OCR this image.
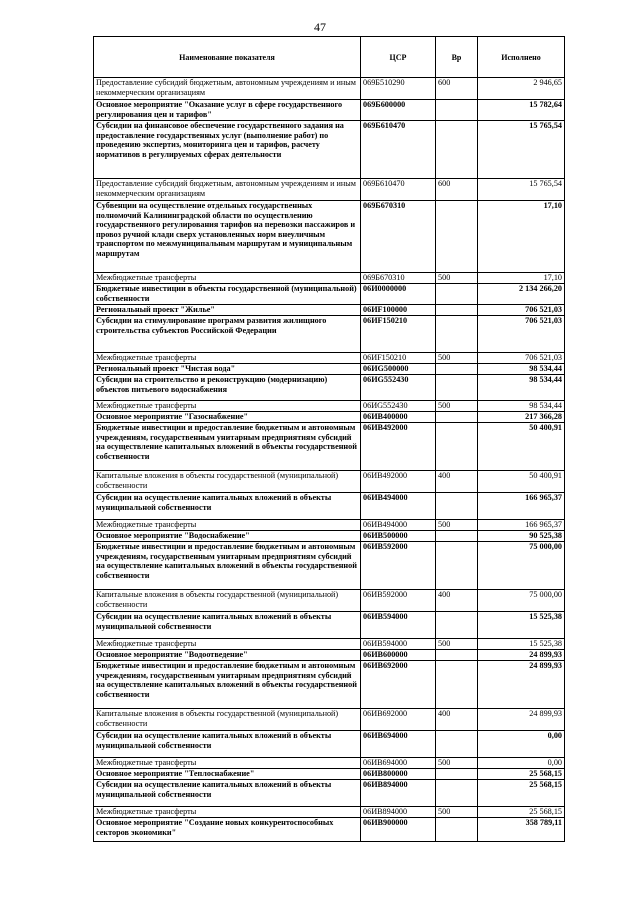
47
Наименование показателя	ЦСР	Вр	Исполнено
Предоставление субсидий бюджетным, автономным учреждениям и иным некоммерческим организациям	069Б510290	600	2 946,65
Основное мероприятие "Оказание услуг в сфере государственного регулирования цен и тарифов"	069Б600000		15 782,64
Субсидии на финансовое обеспечение государственного задания на предоставление государственных услуг (выполнение работ) по проведению экспертиз, мониторинга цен и тарифов, расчету нормативов в регулируемых сферах деятельности	069Б610470		15 765,54
Предоставление субсидий бюджетным, автономным учреждениям и иным некоммерческим организациям	069Б610470	600	15 765,54
Субвенции на осуществление отдельных государственных полномочий Калининградской области по осуществлению государственного регулирования тарифов на перевозки пассажиров и провоз ручной клади сверх установленных норм внеуличным транспортом по межмуниципальным маршрутам и муниципальным маршрутам	069Б670310		17,10
Межбюджетные трансферты	069Б670310	500	17,10
Бюджетные инвестиции в объекты государственной (муниципальной) собственности	06И0000000		2 134 266,20
Региональный проект "Жилье"	06ИF100000		706 521,03
Субсидии на стимулирование программ развития жилищного строительства субъектов Российской Федерации	06ИF150210		706 521,03
Межбюджетные трансферты	06ИF150210	500	706 521,03
Региональный проект "Чистая вода"	06ИG500000		98 534,44
Субсидии на строительство и реконструкцию (модернизацию) объектов питьевого водоснабжения	06ИG552430		98 534,44
Межбюджетные трансферты	06ИG552430	500	98 534,44
Основное мероприятие "Газоснабжение"	06ИВ400000		217 366,28
Бюджетные инвестиции и предоставление бюджетным и автономным учреждениям, государственным унитарным предприятиям субсидий на осуществление капитальных вложений в объекты государственной собственности	06ИВ492000		50 400,91
Капитальные вложения в объекты государственной (муниципальной) собственности	06ИВ492000	400	50 400,91
Субсидии на осуществление капитальных вложений в объекты муниципальной собственности	06ИВ494000		166 965,37
Межбюджетные трансферты	06ИВ494000	500	166 965,37
Основное мероприятие "Водоснабжение"	06ИВ500000		90 525,38
Бюджетные инвестиции и предоставление бюджетным и автономным учреждениям, государственным унитарным предприятиям субсидий на осуществление капитальных вложений в объекты государственной собственности	06ИВ592000		75 000,00
Капитальные вложения в объекты государственной (муниципальной) собственности	06ИВ592000	400	75 000,00
Субсидии на осуществление капитальных вложений в объекты муниципальной собственности	06ИВ594000		15 525,38
Межбюджетные трансферты	06ИВ594000	500	15 525,38
Основное мероприятие "Водоотведение"	06ИВ600000		24 899,93
Бюджетные инвестиции и предоставление бюджетным и автономным учреждениям, государственным унитарным предприятиям субсидий на осуществление капитальных вложений в объекты государственной собственности	06ИВ692000		24 899,93
Капитальные вложения в объекты государственной (муниципальной) собственности	06ИВ692000	400	24 899,93
Субсидии на осуществление капитальных вложений в объекты муниципальной собственности	06ИВ694000		0,00
Межбюджетные трансферты	06ИВ694000	500	0,00
Основное мероприятие "Теплоснабжение"	06ИВ800000		25 568,15
Субсидии на осуществление капитальных вложений в объекты муниципальной собственности	06ИВ894000		25 568,15
Межбюджетные трансферты	06ИВ894000	500	25 568,15
Основное мероприятие "Создание новых конкурентоспособных секторов экономики"	06ИВ900000		358 789,11
